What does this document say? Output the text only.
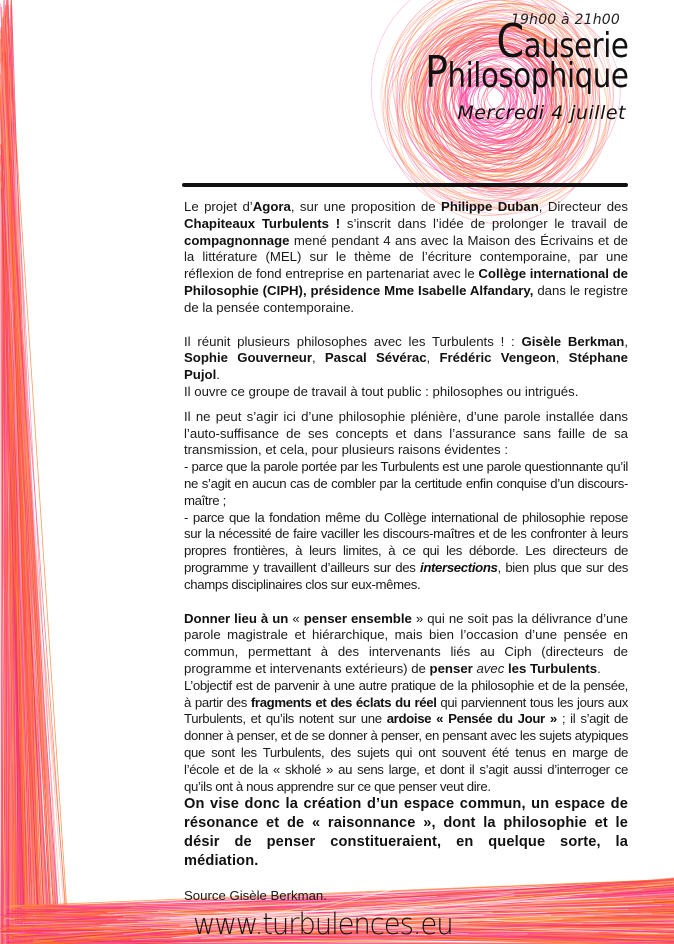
19h00 à 21h00
Causerie
Philosophique
Mercredi 4 juillet

Le projet d’Agora, sur une proposition de Philippe Duban, Directeur des Chapiteaux Turbulents ! s’inscrit dans l’idée de prolonger le travail de compagnonnage mené pendant 4 ans avec la Maison des Écrivains et de la littérature (MEL) sur le thème de l’écriture contemporaine, par une réflexion de fond entreprise en partenariat avec le Collège international de Philosophie (CIPH), présidence Mme Isabelle Alfandary, dans le registre de la pensée contemporaine.

Il réunit plusieurs philosophes avec les Turbulents ! : Gisèle Berkman, Sophie Gouverneur, Pascal Sévérac, Frédéric Vengeon, Stéphane Pujol.

Il ouvre ce groupe de travail à tout public : philosophes ou intrigués.

Il ne peut s’agir ici d’une philosophie plénière, d’une parole installée dans l’auto-suffisance de ses concepts et dans l’assurance sans faille de sa transmission, et cela, pour plusieurs raisons évidentes :

- parce que la parole portée par les Turbulents est une parole questionnante qu’il ne s’agit en aucun cas de combler par la certitude enfin conquise d’un discours-maître ;

- parce que la fondation même du Collège international de philosophie repose sur la nécessité de faire vaciller les discours-maîtres et de les confronter à leurs propres frontières, à leurs limites, à ce qui les déborde. Les directeurs de programme y travaillent d’ailleurs sur des intersections, bien plus que sur des champs disciplinaires clos sur eux-mêmes.

Donner lieu à un « penser ensemble » qui ne soit pas la délivrance d’une parole magistrale et hiérarchique, mais bien l’occasion d’une pensée en commun, permettant à des intervenants liés au Ciph (directeurs de programme et intervenants extérieurs) de penser avec les Turbulents.

L’objectif est de parvenir à une autre pratique de la philosophie et de la pensée, à partir des fragments et des éclats du réel qui parviennent tous les jours aux Turbulents, et qu’ils notent sur une ardoise « Pensée du Jour » ; il s’agit de donner à penser, et de se donner à penser, en pensant avec les sujets atypiques que sont les Turbulents, des sujets qui ont souvent été tenus en marge de l’école et de la « skholé » au sens large, et dont il s’agit aussi d’interroger ce qu’ils ont à nous apprendre sur ce que penser veut dire.

On vise donc la création d’un espace commun, un espace de résonance et de « raisonnance », dont la philosophie et le désir de penser constitueraient, en quelque sorte, la médiation.

Source Gisèle Berkman.

www.turbulences.eu
